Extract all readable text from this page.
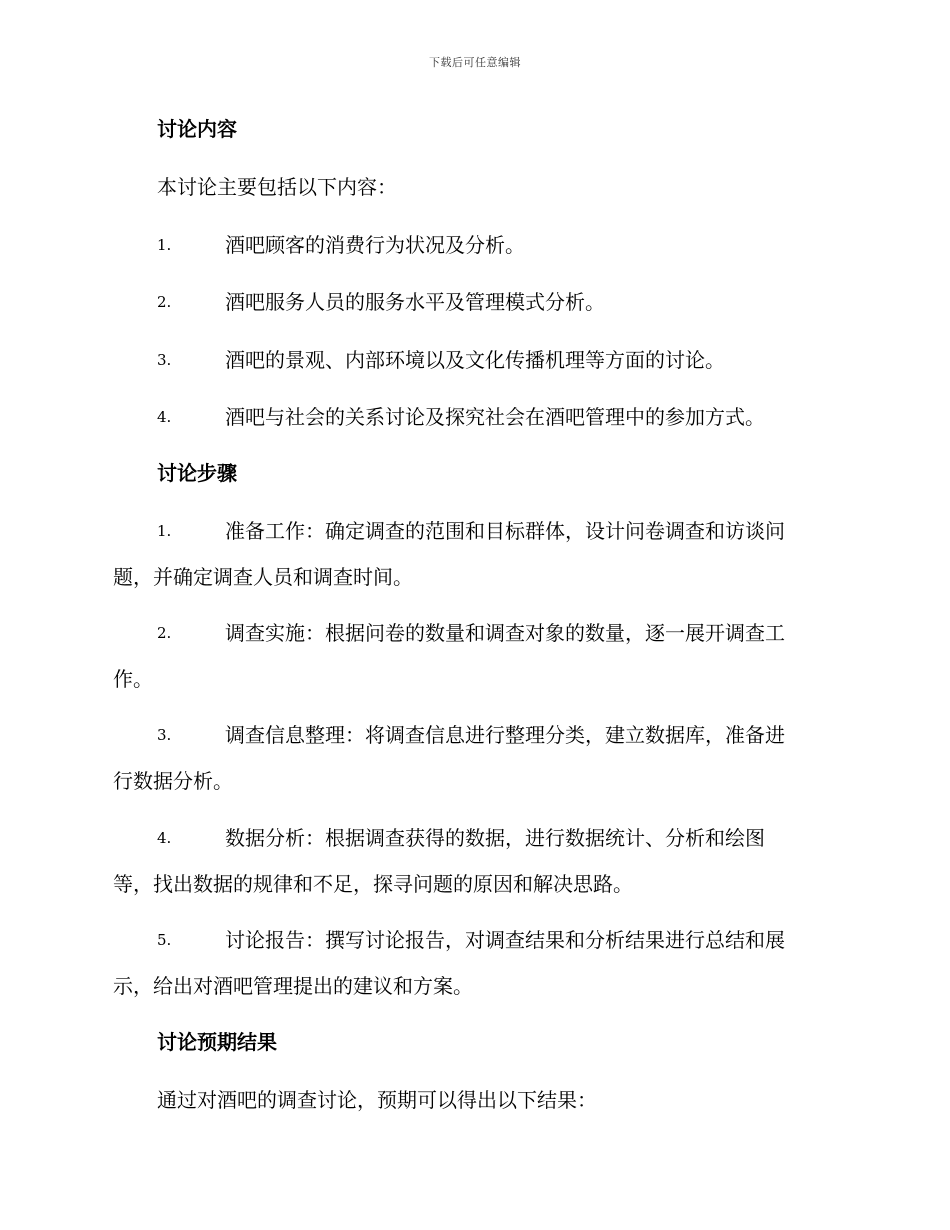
下载后可任意编辑
讨论内容
本讨论主要包括以下内容：
1.	酒吧顾客的消费行为状况及分析。
2.	酒吧服务人员的服务水平及管理模式分析。
3.	酒吧的景观、内部环境以及文化传播机理等方面的讨论。
4.	酒吧与社会的关系讨论及探究社会在酒吧管理中的参加方式。
讨论步骤
1.	准备工作：确定调查的范围和目标群体，设计问卷调查和访谈问
题，并确定调查人员和调查时间。
2.	调查实施：根据问卷的数量和调查对象的数量，逐一展开调查工
作。
3.	调查信息整理：将调查信息进行整理分类，建立数据库，准备进
行数据分析。
4.	数据分析：根据调查获得的数据，进行数据统计、分析和绘图
等，找出数据的规律和不足，探寻问题的原因和解决思路。
5.	讨论报告：撰写讨论报告，对调查结果和分析结果进行总结和展
示，给出对酒吧管理提出的建议和方案。
讨论预期结果
通过对酒吧的调查讨论，预期可以得出以下结果：
